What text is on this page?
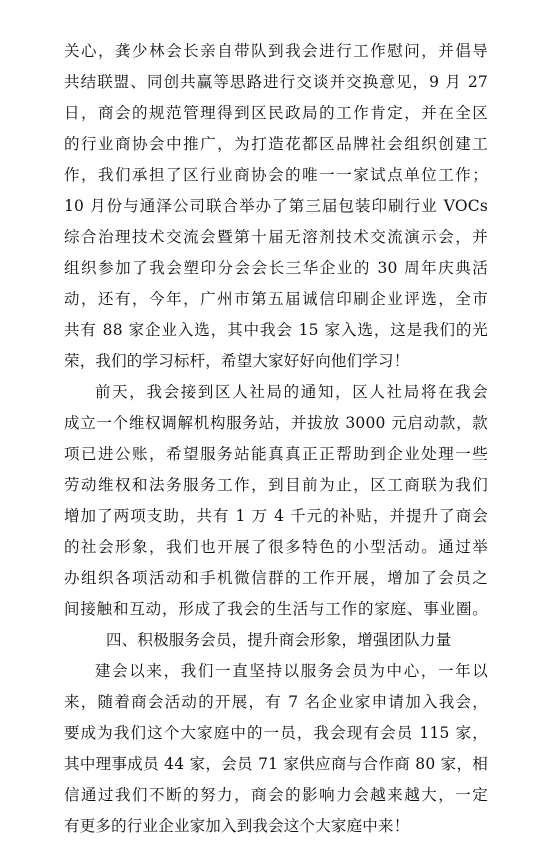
关心，龚少林会长亲自带队到我会进行工作慰问，并倡导
共结联盟、同创共赢等思路进行交谈并交换意见，9 月 27
日，商会的规范管理得到区民政局的工作肯定，并在全区
的行业商协会中推广，为打造花都区品牌社会组织创建工
作，我们承担了区行业商协会的唯一一家试点单位工作；
10 月份与通泽公司联合举办了第三届包装印刷行业 VOCs
综合治理技术交流会暨第十届无溶剂技术交流演示会，并
组织参加了我会塑印分会会长三华企业的 30 周年庆典活
动，还有，今年，广州市第五届诚信印刷企业评选，全市
共有 88 家企业入选，其中我会 15 家入选，这是我们的光
荣，我们的学习标杆，希望大家好好向他们学习！
前天，我会接到区人社局的通知，区人社局将在我会
成立一个维权调解机构服务站，并拔放 3000 元启动款，款
项已进公账，希望服务站能真真正正帮助到企业处理一些
劳动维权和法务服务工作，到目前为止，区工商联为我们
增加了两项支助，共有 1 万 4 千元的补贴，并提升了商会
的社会形象，我们也开展了很多特色的小型活动。通过举
办组织各项活动和手机微信群的工作开展，增加了会员之
间接触和互动，形成了我会的生活与工作的家庭、事业圈。
四、积极服务会员，提升商会形象，增强团队力量
建会以来，我们一直坚持以服务会员为中心，一年以
来，随着商会活动的开展，有 7 名企业家申请加入我会，
要成为我们这个大家庭中的一员，我会现有会员 115 家，
其中理事成员 44 家，会员 71 家供应商与合作商 80 家，相
信通过我们不断的努力，商会的影响力会越来越大，一定
有更多的行业企业家加入到我会这个大家庭中来！
